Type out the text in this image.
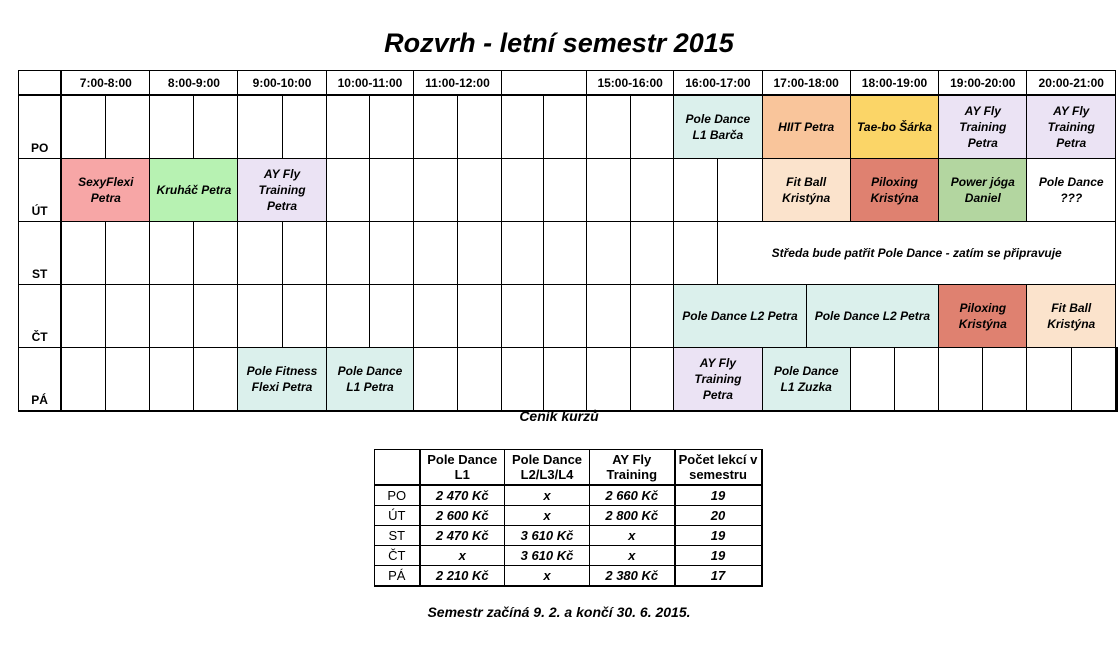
Rozvrh - letní semestr 2015
	7:00-8:00		8:00-9:00		9:00-10:00		10:00-11:00		11:00-12:00				15:00-16:00		16:00-17:00		17:00-18:00		18:00-19:00		19:00-20:00		20:00-21:00		
PO															Pole Dance L1 Barča		HIIT Petra		Tae-bo Šárka		AY Fly Training Petra		AY Fly Training Petra		
ÚT	SexyFlexi Petra		Kruháč Petra		AY Fly Training Petra												Fit Ball Kristýna		Piloxing Kristýna		Power jóga Daniel		Pole Dance ???		
ST																Středa bude patřit Pole Dance - zatím se připravuje									
ČT															Pole Dance L2 Petra			Pole Dance L2 Petra			Piloxing Kristýna		Fit Ball Kristýna		
PÁ					Pole Fitness Flexi Petra		Pole Dance L1 Petra								AY Fly Training Petra		Pole Dance L1 Zuzka								
Ceník kurzů
	Pole Dance L1	Pole Dance L2/L3/L4	AY Fly Training	Počet lekcí v semestru
PO	2 470 Kč	x	2 660 Kč	19
ÚT	2 600 Kč	x	2 800 Kč	20
ST	2 470 Kč	3 610 Kč	x	19
ČT	x	3 610 Kč	x	19
PÁ	2 210 Kč	x	2 380 Kč	17
Semestr začíná 9. 2. a končí 30. 6. 2015.
